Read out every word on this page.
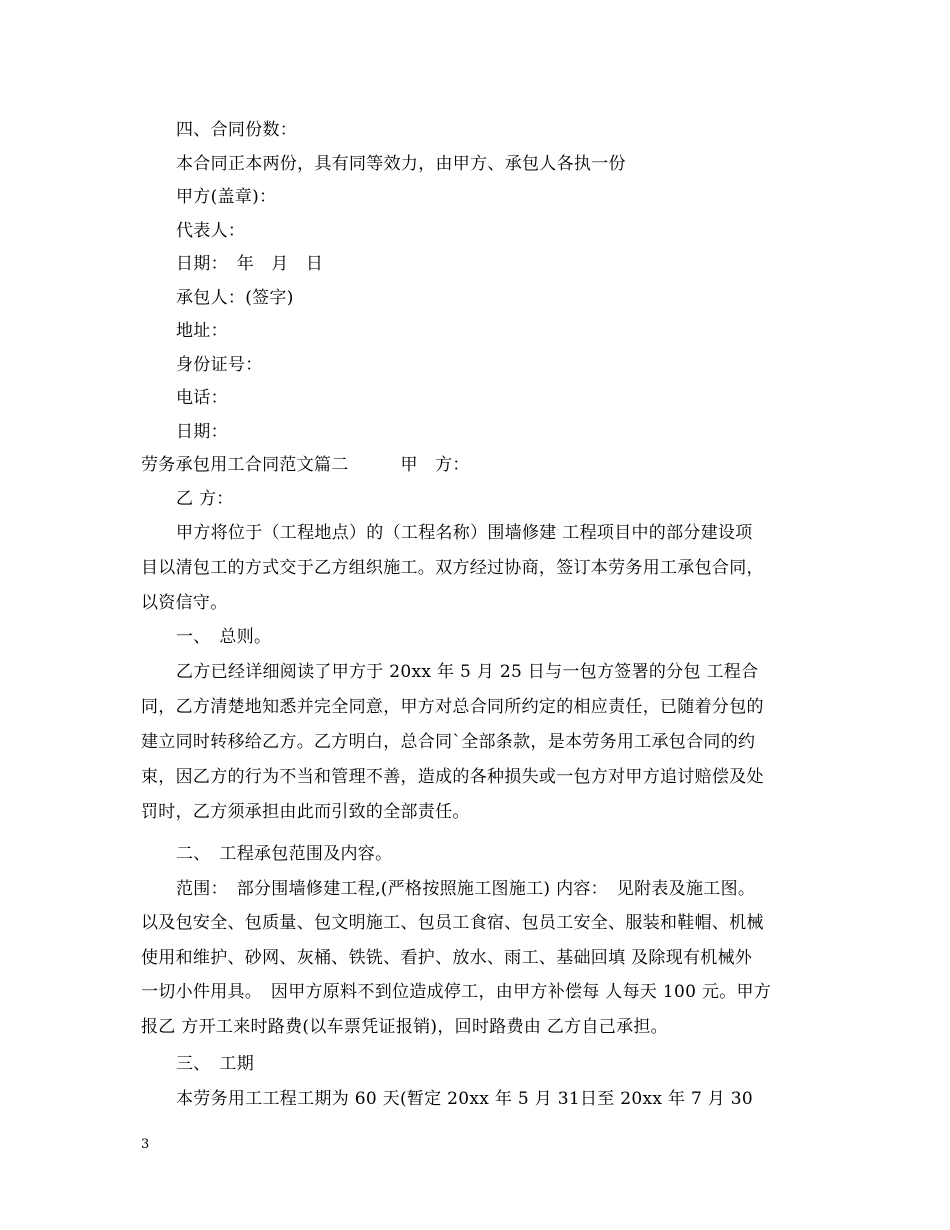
四、合同份数：
本合同正本两份，具有同等效力，由甲方、承包人各执一份
甲方(盖章)：
代表人：
日期：　年　月　日
承包人：(签字)
地址：
身份证号：
电话：
日期：
劳务承包用工合同范文篇二　　　甲　方：
乙 方：
甲方将位于（工程地点）的（工程名称）围墙修建 工程项目中的部分建设项
目以清包工的方式交于乙方组织施工。双方经过协商，签订本劳务用工承包合同，
以资信守。
一、　总则。
乙方已经详细阅读了甲方于 20xx 年 5 月 25 日与一包方签署的分包 工程合
同，乙方清楚地知悉并完全同意，甲方对总合同所约定的相应责任，已随着分包的
建立同时转移给乙方。乙方明白，总合同`全部条款，是本劳务用工承包合同的约
束，因乙方的行为不当和管理不善，造成的各种损失或一包方对甲方追讨赔偿及处
罚时，乙方须承担由此而引致的全部责任。
二、　工程承包范围及内容。
范围：　部分围墙修建工程,(严格按照施工图施工) 内容：　见附表及施工图。
以及包安全、包质量、包文明施工、包员工食宿、包员工安全、服装和鞋帽、机械
使用和维护、砂网、灰桶、铁铣、看护、放水、雨工、基础回填 及除现有机械外
一切小件用具。　因甲方原料不到位造成停工，由甲方补偿每 人每天 100 元。甲方
报乙 方开工来时路费(以车票凭证报销)，回时路费由 乙方自己承担。
三、　工期
本劳务用工工程工期为 60 天(暂定 20xx 年 5 月 31日至 20xx 年 7 月 30
3
